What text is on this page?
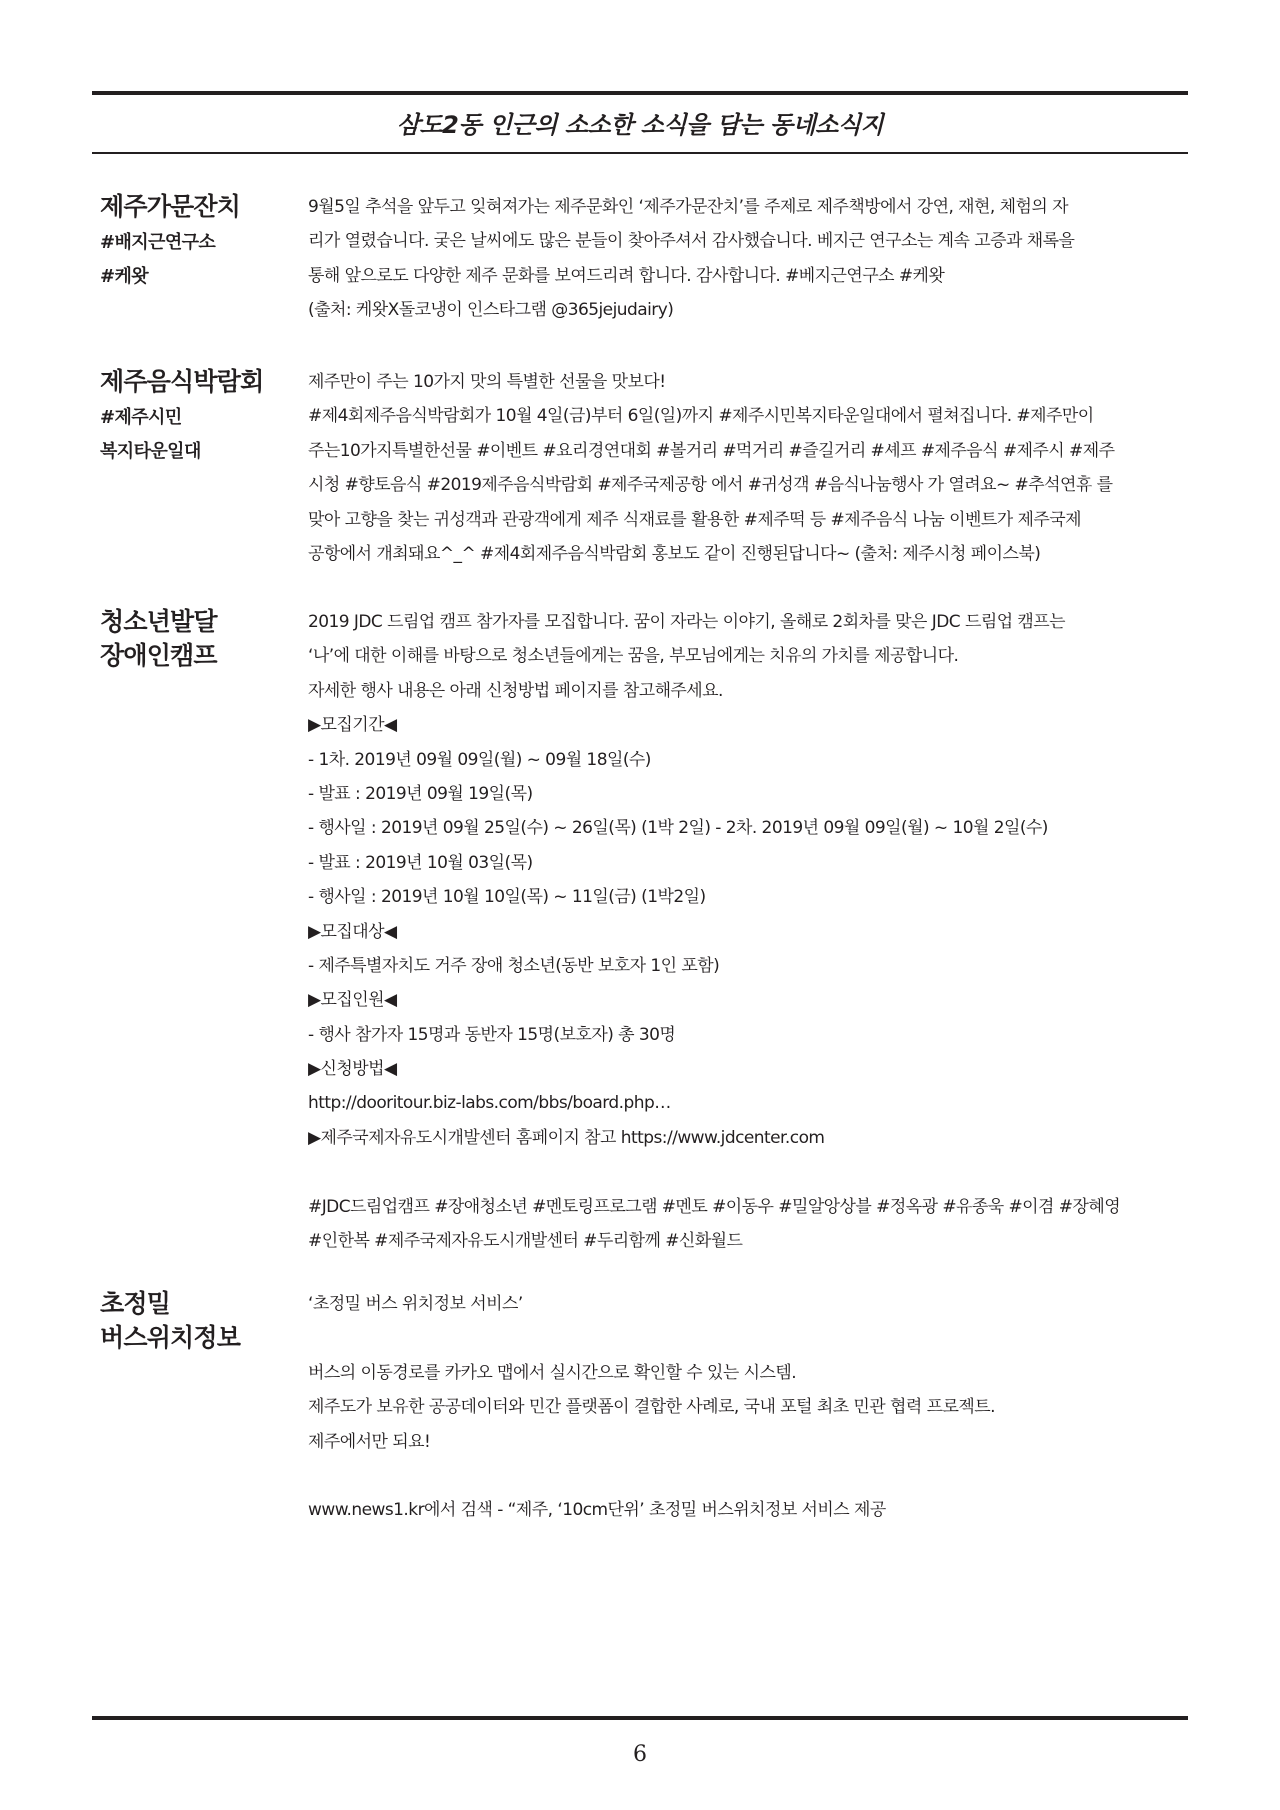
삼도2동 인근의 소소한 소식을 담는 동네소식지
제주가문잔치
#배지근연구소
#케왓
9월5일 추석을 앞두고 잊혀져가는 제주문화인 ‘제주가문잔치’를 주제로 제주책방에서 강연, 재현, 체험의 자
리가 열렸습니다. 궂은 날씨에도 많은 분들이 찾아주셔서 감사했습니다. 베지근 연구소는 계속 고증과 채록을
통해 앞으로도 다양한 제주 문화를 보여드리려 합니다. 감사합니다. #베지근연구소 #케왓
(출처: 케왓X돌코냉이 인스타그램 @365jejudairy)
제주음식박람회
#제주시민
복지타운일대
제주만이 주는 10가지 맛의 특별한 선물을 맛보다!
#제4회제주음식박람회가 10월 4일(금)부터 6일(일)까지 #제주시민복지타운일대에서 펼쳐집니다. #제주만이
주는10가지특별한선물 #이벤트 #요리경연대회 #볼거리 #먹거리 #즐길거리 #셰프 #제주음식 #제주시 #제주
시청 #향토음식 #2019제주음식박람회 #제주국제공항 에서 #귀성객 #음식나눔행사 가 열려요~ #추석연휴 를
맞아 고향을 찾는 귀성객과 관광객에게 제주 식재료를 활용한 #제주떡 등 #제주음식 나눔 이벤트가 제주국제
공항에서 개최돼요^_^ #제4회제주음식박람회 홍보도 같이 진행된답니다~ (출처: 제주시청 페이스북)
청소년발달
장애인캠프
2019 JDC 드림업 캠프 참가자를 모집합니다. 꿈이 자라는 이야기, 올해로 2회차를 맞은 JDC 드림업 캠프는
‘나’에 대한 이해를 바탕으로 청소년들에게는 꿈을, 부모님에게는 치유의 가치를 제공합니다.
자세한 행사 내용은 아래 신청방법 페이지를 참고해주세요.
▶모집기간◀
- 1차. 2019년 09월 09일(월) ~ 09월 18일(수)
- 발표 : 2019년 09월 19일(목)
- 행사일 : 2019년 09월 25일(수) ~ 26일(목) (1박 2일) - 2차. 2019년 09월 09일(월) ~ 10월 2일(수)
- 발표 : 2019년 10월 03일(목)
- 행사일 : 2019년 10월 10일(목) ~ 11일(금) (1박2일)
▶모집대상◀
- 제주특별자치도 거주 장애 청소년(동반 보호자 1인 포함)
▶모집인원◀
- 행사 참가자 15명과 동반자 15명(보호자) 총 30명
▶신청방법◀
http://dooritour.biz-labs.com/bbs/board.php…
▶제주국제자유도시개발센터 홈페이지 참고 https://www.jdcenter.com
#JDC드림업캠프 #장애청소년 #멘토링프로그램 #멘토 #이동우 #밀알앙상블 #정옥광 #유종욱 #이겸 #장혜영
#인한복 #제주국제자유도시개발센터 #두리함께 #신화월드
초정밀
버스위치정보
‘초정밀 버스 위치정보 서비스’
버스의 이동경로를 카카오 맵에서 실시간으로 확인할 수 있는 시스템.
제주도가 보유한 공공데이터와 민간 플랫폼이 결합한 사례로, 국내 포털 최초 민관 협력 프로젝트.
제주에서만 되요!
www.news1.kr에서 검색 - “제주, ‘10cm단위’ 초정밀 버스위치정보 서비스 제공
6
